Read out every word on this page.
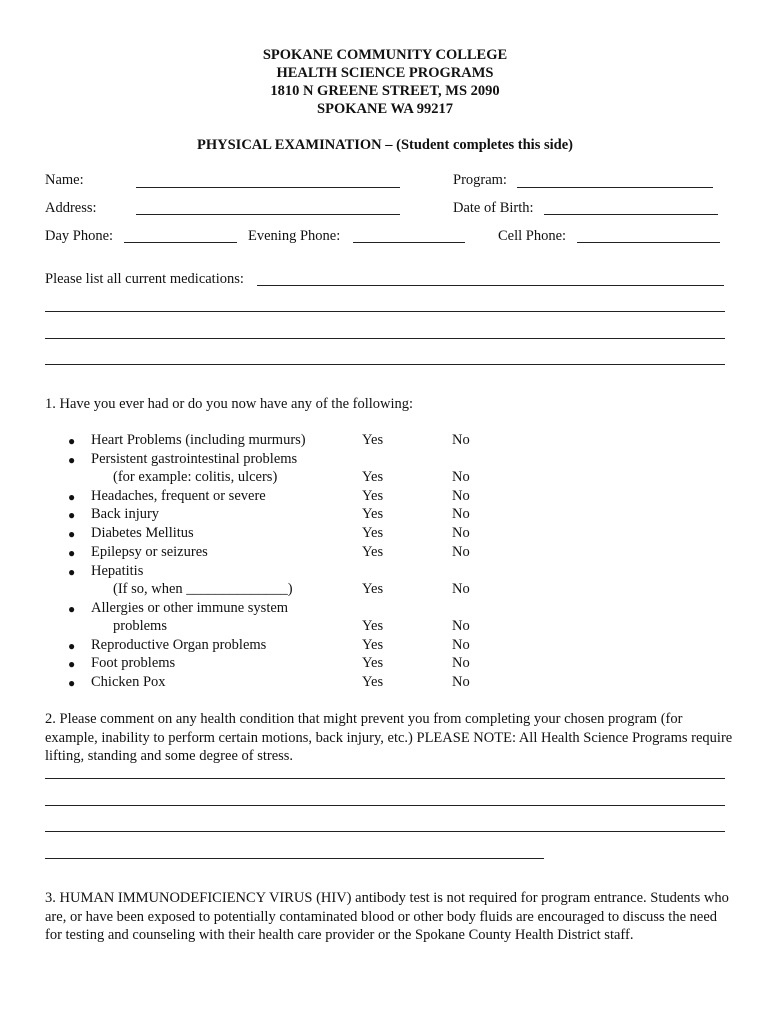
SPOKANE COMMUNITY COLLEGE
HEALTH SCIENCE PROGRAMS
1810 N GREENE STREET, MS 2090
SPOKANE WA 99217
PHYSICAL EXAMINATION – (Student completes this side)
Name:	Program:
Address:	Date of Birth:
Day Phone:	Evening Phone:	Cell Phone:
Please list all current medications:
1. Have you ever had or do you now have any of the following:
● Heart Problems (including murmurs)	Yes	No
● Persistent gastrointestinal problems
(for example: colitis, ulcers)	Yes	No
● Headaches, frequent or severe	Yes	No
● Back injury	Yes	No
● Diabetes Mellitus	Yes	No
● Epilepsy or seizures	Yes	No
● Hepatitis
(If so, when ______________)	Yes	No
● Allergies or other immune system
problems	Yes	No
● Reproductive Organ problems	Yes	No
● Foot problems	Yes	No
● Chicken Pox	Yes	No
2. Please comment on any health condition that might prevent you from completing your chosen program (for example, inability to perform certain motions, back injury, etc.) PLEASE NOTE: All Health Science Programs require lifting, standing and some degree of stress.
3. HUMAN IMMUNODEFICIENCY VIRUS (HIV) antibody test is not required for program entrance. Students who are, or have been exposed to potentially contaminated blood or other body fluids are encouraged to discuss the need for testing and counseling with their health care provider or the Spokane County Health District staff.
